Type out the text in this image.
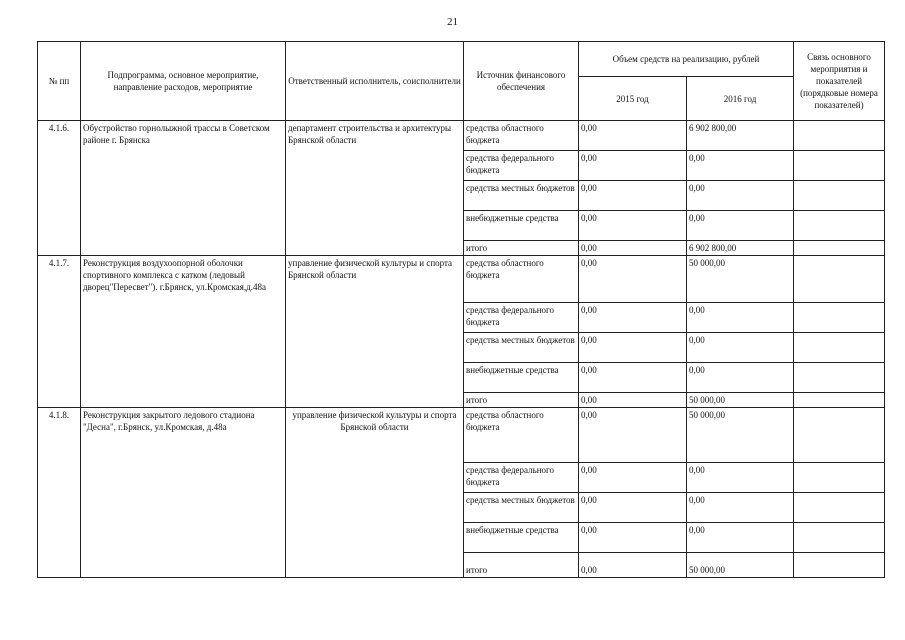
21
№ пп	Подпрограмма, основное мероприятие, направление расходов, мероприятие	Ответственный исполнитель, соисполнители	Источник финансового обеспечения	Объем средств на реализацию, рублей		Связь основного мероприятия и показателей (порядковые номера показателей)
				2015 год	2016 год	
4.1.6.	Обустройство горнолыжной трассы в Советском районе г. Брянска	департамент строительства и архитектуры Брянской области	средства областного бюджета	0,00	6 902 800,00	
			средства федерального бюджета	0,00	0,00	
			средства местных бюджетов	0,00	0,00	
			внебюджетные средства	0,00	0,00	
			итого	0,00	6 902 800,00	
4.1.7.	Реконструкция воздухоопорной оболочки спортивного комплекса с катком (ледовый дворец"Пересвет"). г.Брянск, ул.Кромская,д.48а	управление физической культуры и спорта Брянской области	средства областного бюджета	0,00	50 000,00	
			средства федерального бюджета	0,00	0,00	
			средства местных бюджетов	0,00	0,00	
			внебюджетные средства	0,00	0,00	
			итого	0,00	50 000,00	
4.1.8.	Реконструкция закрытого ледового стадиона "Десна", г.Брянск, ул.Кромская, д.48а	управление физической культуры и спорта Брянской области	средства областного бюджета	0,00	50 000,00	
			средства федерального бюджета	0,00	0,00	
			средства местных бюджетов	0,00	0,00	
			внебюджетные средства	0,00	0,00	
			итого	0,00	50 000,00	
